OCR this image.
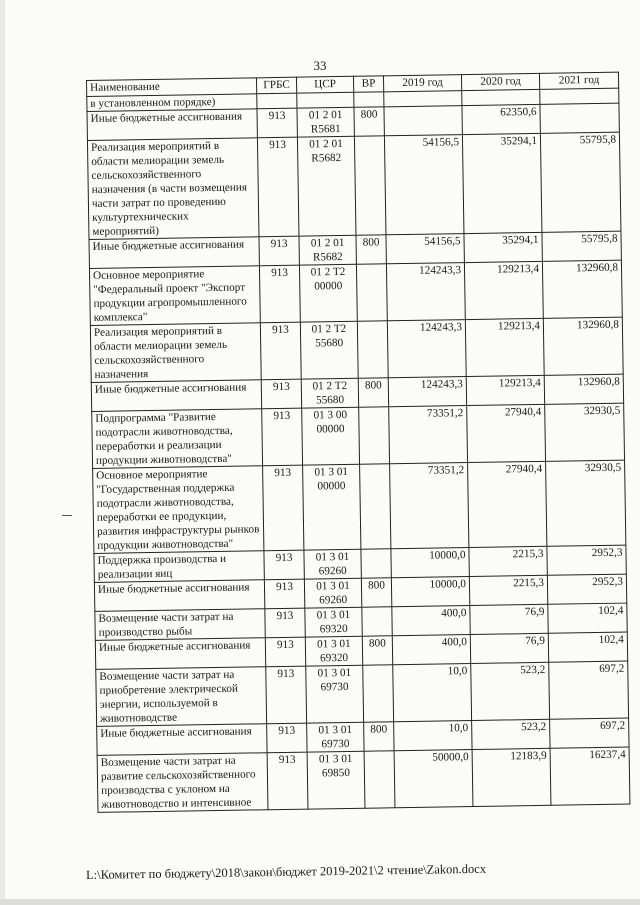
33
Наименование	ГРБС	ЦСР	ВР	2019 год	2020 год	2021 год
в установленном порядке)						
Иные бюджетные ассигнования	913	01 2 01 R5681	800		62350,6	
Реализация мероприятий в области мелиорации земель сельскохозяйственного назначения (в части возмещения части затрат по проведению культуртехнических мероприятий)	913	01 2 01 R5682		54156,5	35294,1	55795,8
Иные бюджетные ассигнования	913	01 2 01 R5682	800	54156,5	35294,1	55795,8
Основное мероприятие "Федеральный проект "Экспорт продукции агропромышленного комплекса"	913	01 2 T2 00000		124243,3	129213,4	132960,8
Реализация мероприятий в области мелиорации земель сельскохозяйственного назначения	913	01 2 T2 55680		124243,3	129213,4	132960,8
Иные бюджетные ассигнования	913	01 2 T2 55680	800	124243,3	129213,4	132960,8
Подпрограмма "Развитие подотрасли животноводства, переработки и реализации продукции животноводства"	913	01 3 00 00000		73351,2	27940,4	32930,5
Основное мероприятие "Государственная поддержка подотрасли животноводства, переработки ее продукции, развития инфраструктуры рынков продукции животноводства"	913	01 3 01 00000		73351,2	27940,4	32930,5
Поддержка производства и реализации яиц	913	01 3 01 69260		10000,0	2215,3	2952,3
Иные бюджетные ассигнования	913	01 3 01 69260	800	10000,0	2215,3	2952,3
Возмещение части затрат на производство рыбы	913	01 3 01 69320		400,0	76,9	102,4
Иные бюджетные ассигнования	913	01 3 01 69320	800	400,0	76,9	102,4
Возмещение части затрат на приобретение электрической энергии, используемой в животноводстве	913	01 3 01 69730		10,0	523,2	697,2
Иные бюджетные ассигнования	913	01 3 01 69730	800	10,0	523,2	697,2
Возмещение части затрат на развитие сельскохозяйственного производства с уклоном на животноводство и интенсивное	913	01 3 01 69850		50000,0	12183,9	16237,4
L:\Комитет по бюджету\2018\закон\бюджет 2019-2021\2 чтение\Zakon.docx
